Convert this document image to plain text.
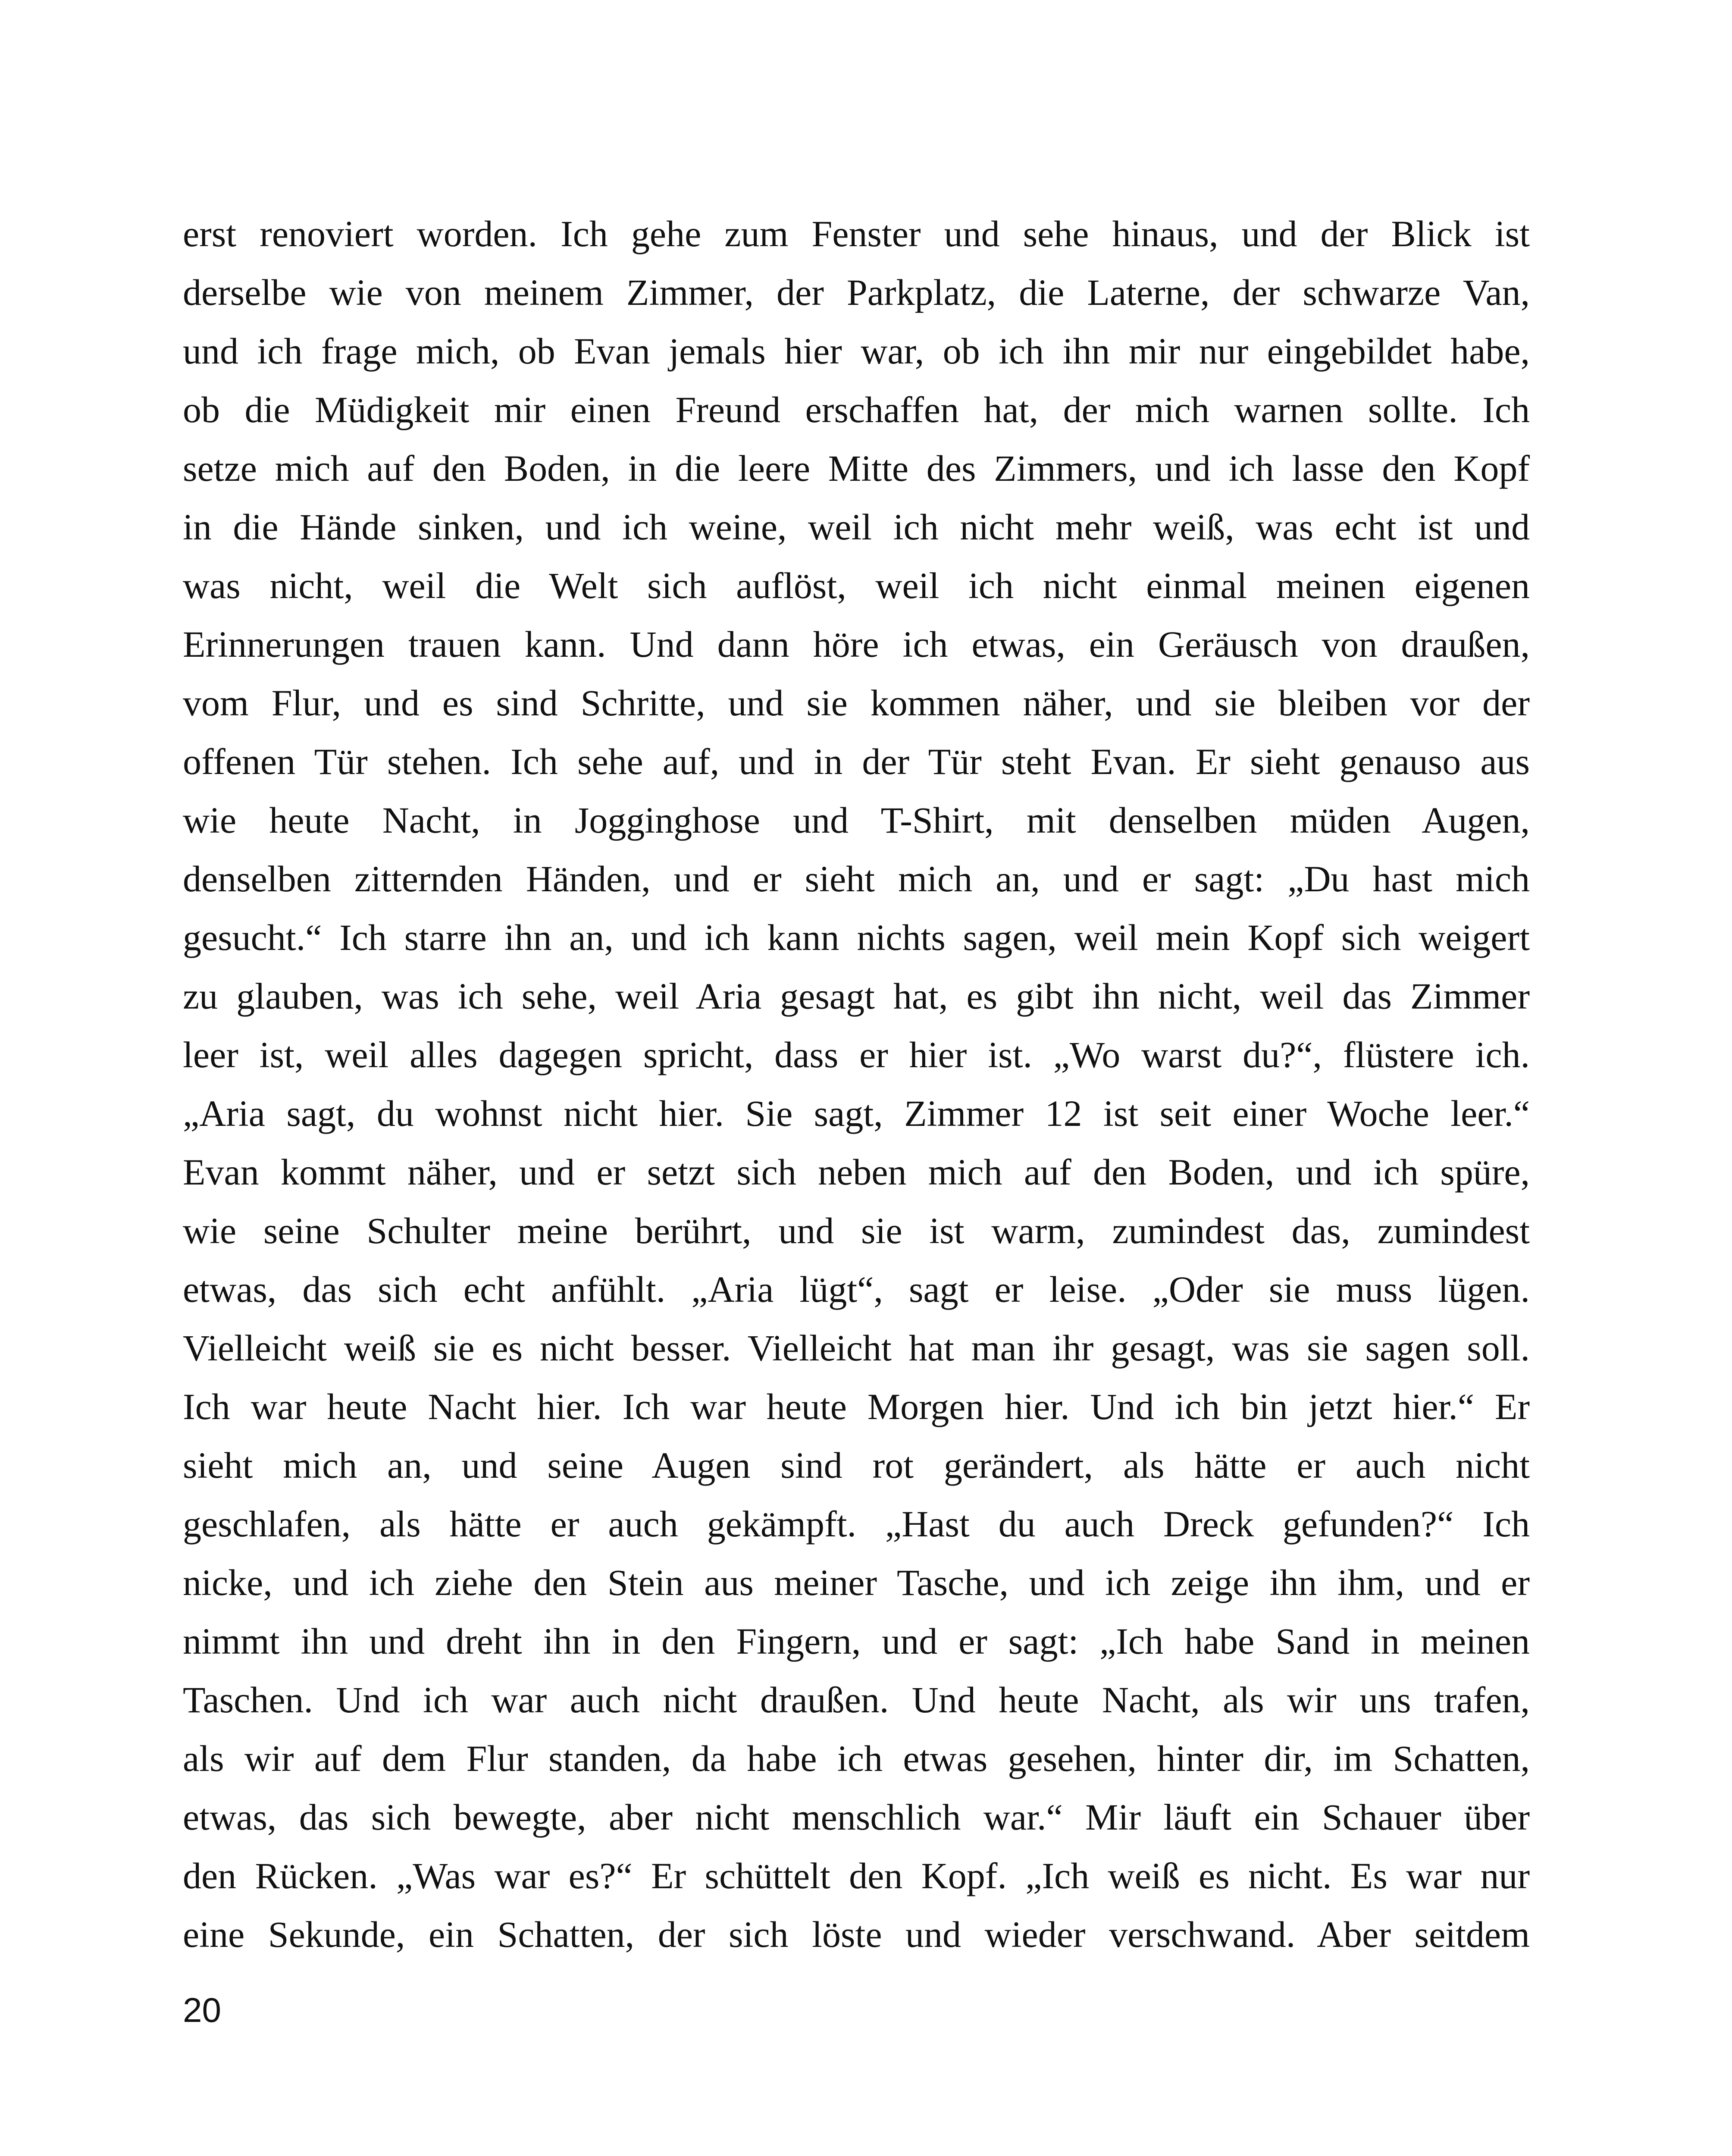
erst renoviert worden. Ich gehe zum Fenster und sehe hinaus, und der Blick ist
derselbe wie von meinem Zimmer, der Parkplatz, die Laterne, der schwarze Van,
und ich frage mich, ob Evan jemals hier war, ob ich ihn mir nur eingebildet habe,
ob die Müdigkeit mir einen Freund erschaffen hat, der mich warnen sollte. Ich
setze mich auf den Boden, in die leere Mitte des Zimmers, und ich lasse den Kopf
in die Hände sinken, und ich weine, weil ich nicht mehr weiß, was echt ist und
was nicht, weil die Welt sich auflöst, weil ich nicht einmal meinen eigenen
Erinnerungen trauen kann. Und dann höre ich etwas, ein Geräusch von draußen,
vom Flur, und es sind Schritte, und sie kommen näher, und sie bleiben vor der
offenen Tür stehen. Ich sehe auf, und in der Tür steht Evan. Er sieht genauso aus
wie heute Nacht, in Jogginghose und T-Shirt, mit denselben müden Augen,
denselben zitternden Händen, und er sieht mich an, und er sagt: „Du hast mich
gesucht.“ Ich starre ihn an, und ich kann nichts sagen, weil mein Kopf sich weigert
zu glauben, was ich sehe, weil Aria gesagt hat, es gibt ihn nicht, weil das Zimmer
leer ist, weil alles dagegen spricht, dass er hier ist. „Wo warst du?“, flüstere ich.
„Aria sagt, du wohnst nicht hier. Sie sagt, Zimmer 12 ist seit einer Woche leer.“
Evan kommt näher, und er setzt sich neben mich auf den Boden, und ich spüre,
wie seine Schulter meine berührt, und sie ist warm, zumindest das, zumindest
etwas, das sich echt anfühlt. „Aria lügt“, sagt er leise. „Oder sie muss lügen.
Vielleicht weiß sie es nicht besser. Vielleicht hat man ihr gesagt, was sie sagen soll.
Ich war heute Nacht hier. Ich war heute Morgen hier. Und ich bin jetzt hier.“ Er
sieht mich an, und seine Augen sind rot gerändert, als hätte er auch nicht
geschlafen, als hätte er auch gekämpft. „Hast du auch Dreck gefunden?“ Ich
nicke, und ich ziehe den Stein aus meiner Tasche, und ich zeige ihn ihm, und er
nimmt ihn und dreht ihn in den Fingern, und er sagt: „Ich habe Sand in meinen
Taschen. Und ich war auch nicht draußen. Und heute Nacht, als wir uns trafen,
als wir auf dem Flur standen, da habe ich etwas gesehen, hinter dir, im Schatten,
etwas, das sich bewegte, aber nicht menschlich war.“ Mir läuft ein Schauer über
den Rücken. „Was war es?“ Er schüttelt den Kopf. „Ich weiß es nicht. Es war nur
eine Sekunde, ein Schatten, der sich löste und wieder verschwand. Aber seitdem
20
